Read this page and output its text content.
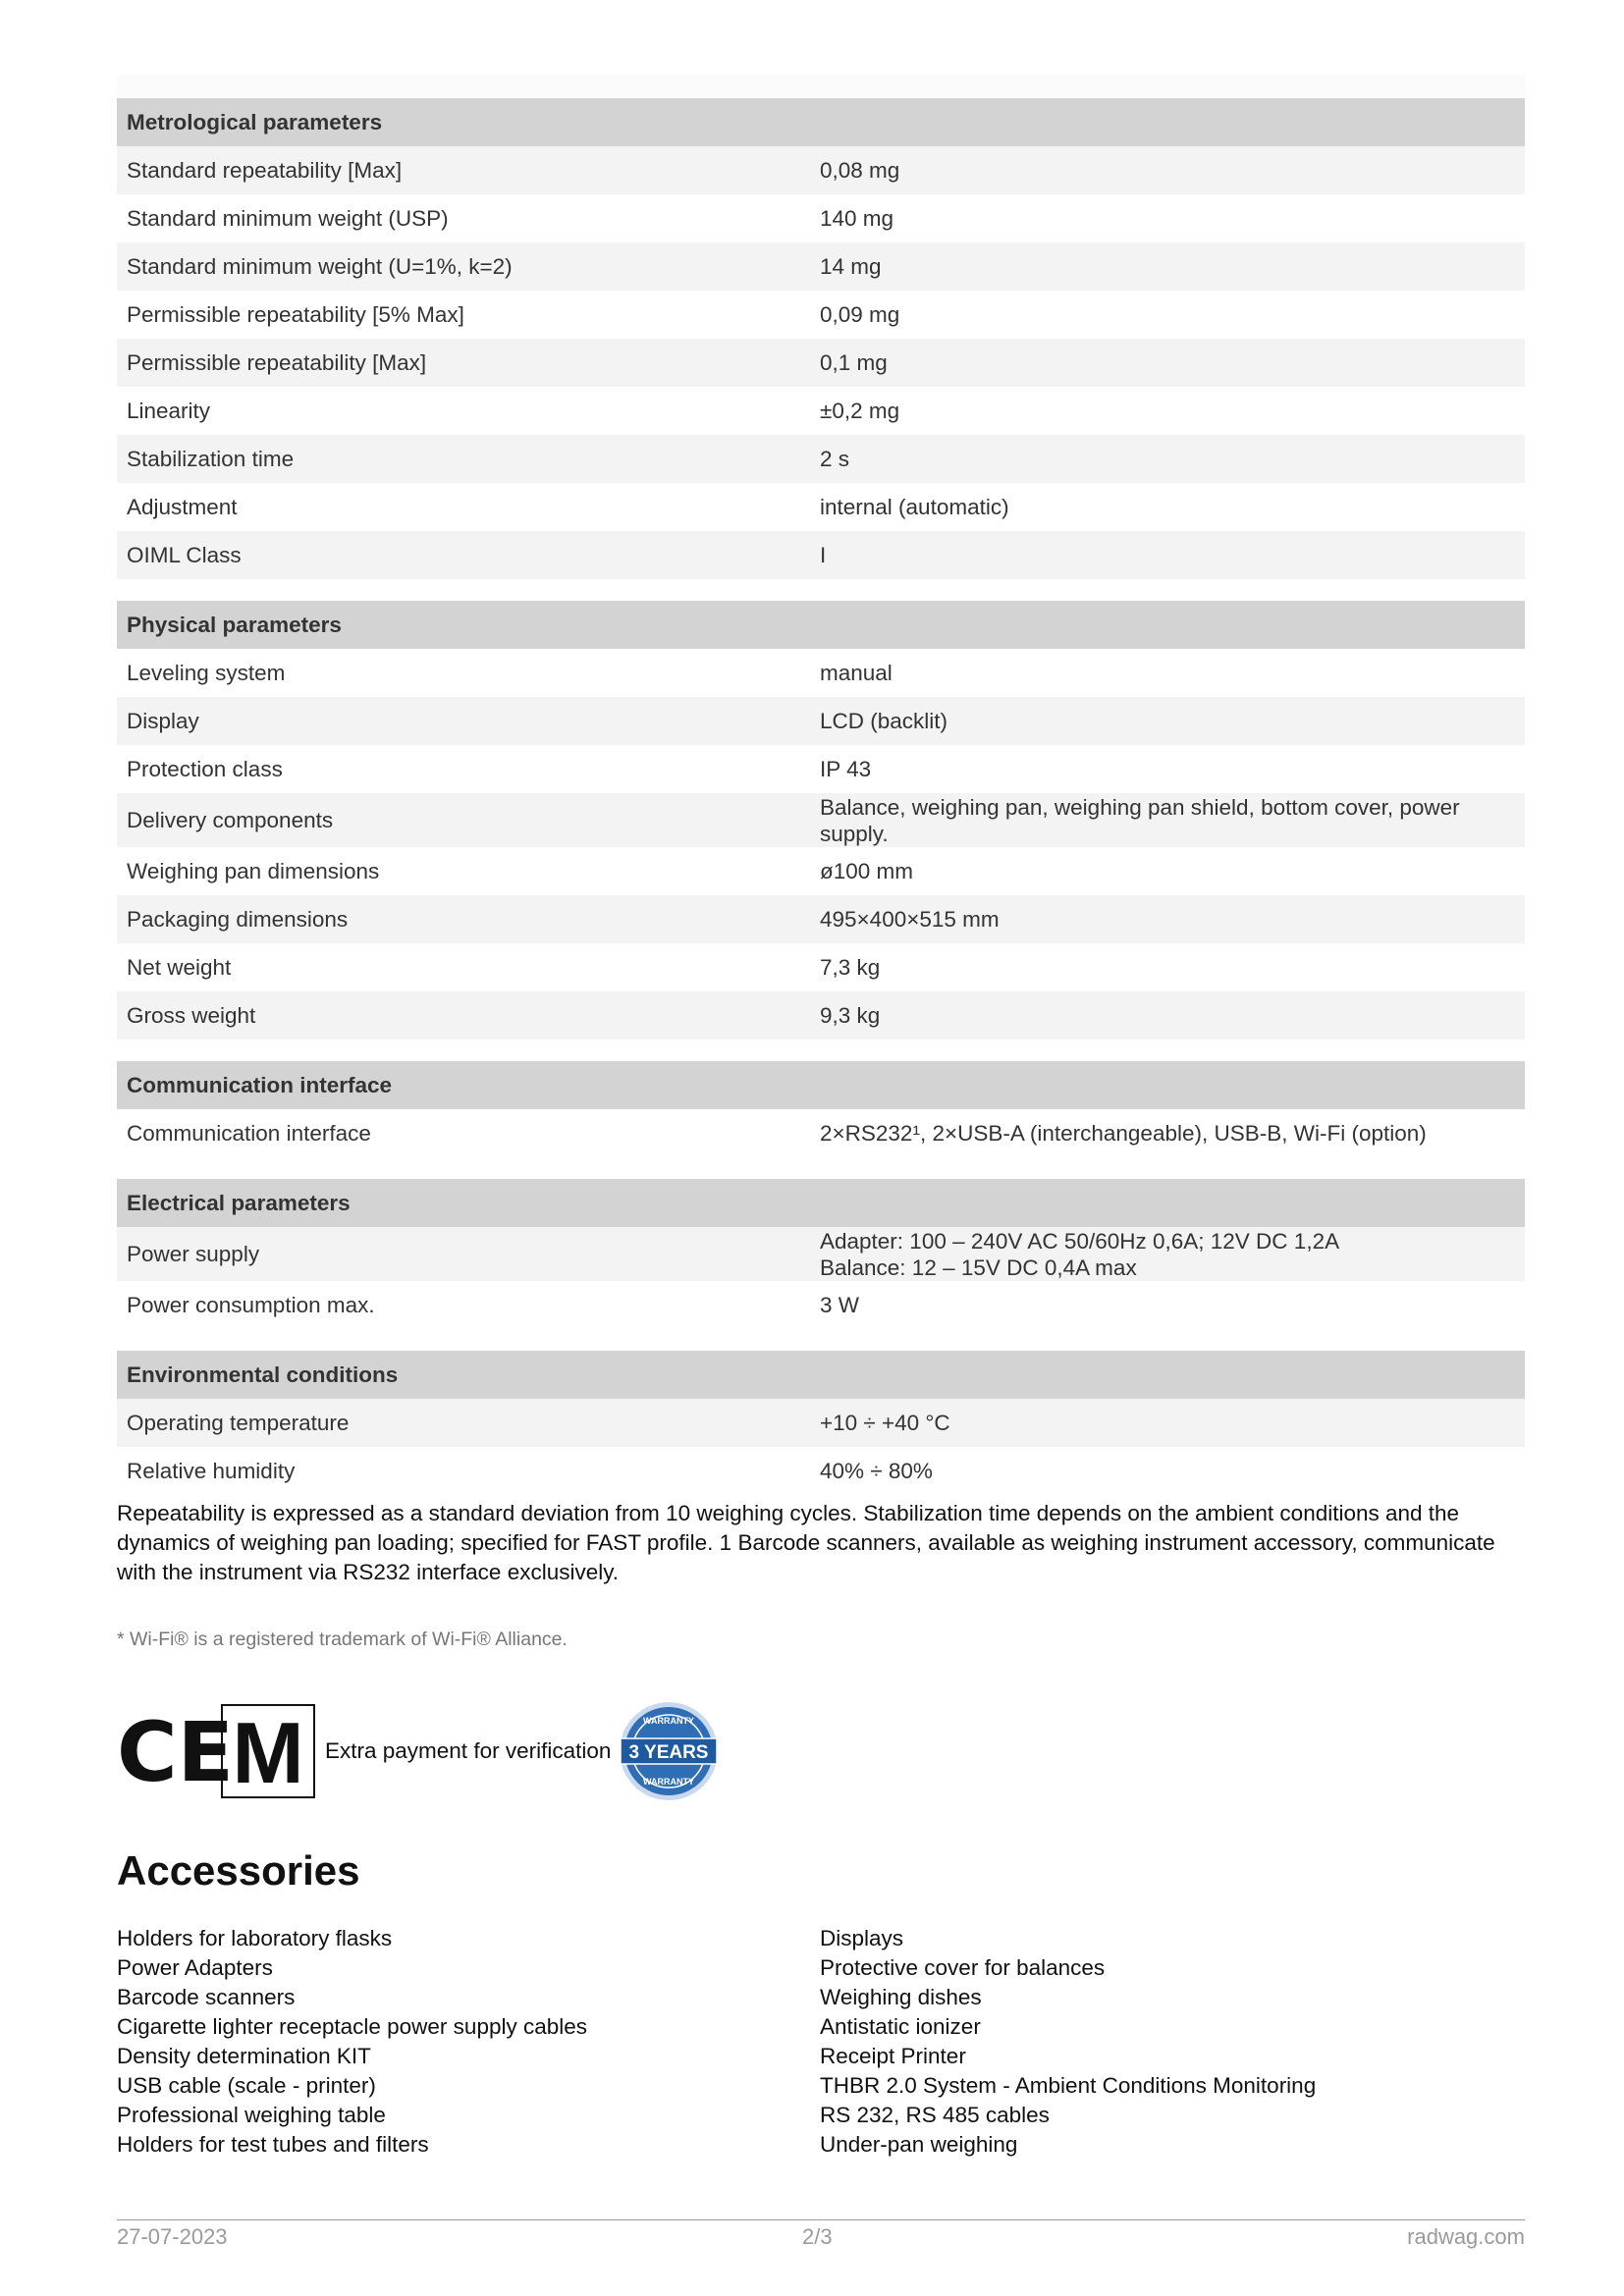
Metrological parameters	
Standard repeatability [Max]	0,08 mg
Standard minimum weight (USP)	140 mg
Standard minimum weight (U=1%, k=2)	14 mg
Permissible repeatability [5% Max]	0,09 mg
Permissible repeatability [Max]	0,1 mg
Linearity	±0,2 mg
Stabilization time	2 s
Adjustment	internal (automatic)
OIML Class	I

Physical parameters	
Leveling system	manual
Display	LCD (backlit)
Protection class	IP 43
Delivery components	Balance, weighing pan, weighing pan shield, bottom cover, power supply.
Weighing pan dimensions	ø100 mm
Packaging dimensions	495×400×515 mm
Net weight	7,3 kg
Gross weight	9,3 kg

Communication interface	
Communication interface	2×RS232¹, 2×USB-A (interchangeable), USB-B, Wi-Fi (option)

Electrical parameters	
Power supply	Adapter: 100 – 240V AC 50/60Hz 0,6A; 12V DC 1,2A
Balance: 12 – 15V DC 0,4A max
Power consumption max.	3 W

Environmental conditions	
Operating temperature	+10 ÷ +40 °C
Relative humidity	40% ÷ 80%
Repeatability is expressed as a standard deviation from 10 weighing cycles. Stabilization time depends on the ambient conditions and the dynamics of weighing pan loading; specified for FAST profile. 1 Barcode scanners, available as weighing instrument accessory, communicate with the instrument via RS232 interface exclusively.
* Wi-Fi® is a registered trademark of Wi-Fi® Alliance.
CE
M Extra payment for verification
WARRANTY
3 YEARS
WARRANTY
Accessories
Holders for laboratory flasks
Power Adapters
Barcode scanners
Cigarette lighter receptacle power supply cables
Density determination KIT
USB cable (scale - printer)
Professional weighing table
Holders for test tubes and filters
Displays
Protective cover for balances
Weighing dishes
Antistatic ionizer
Receipt Printer
THBR 2.0 System - Ambient Conditions Monitoring
RS 232, RS 485 cables
Under-pan weighing
27-07-2023	2/3	radwag.com
